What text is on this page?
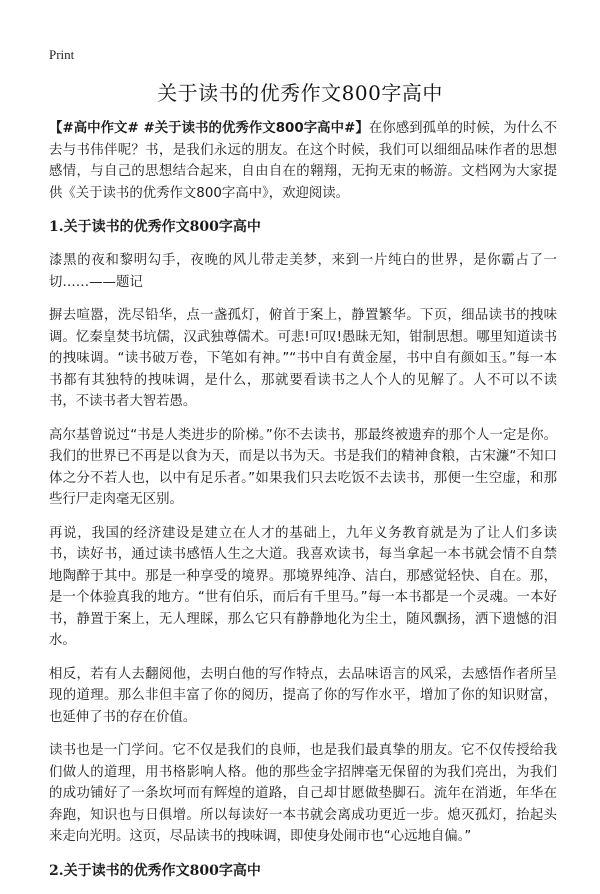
Print
关于读书的优秀作文800字高中

【#高中作文# #关于读书的优秀作文800字高中#】在你感到孤单的时候，为什么不去与书伟伴呢？书，是我们永远的朋友。在这个时候，我们可以细细品味作者的思想感情，与自己的思想结合起来，自由自在的翱翔，无拘无束的畅游。文档网为大家提供《关于读书的优秀作文800字高中》，欢迎阅读。

1.关于读书的优秀作文800字高中

漆黑的夜和黎明勾手，夜晚的风儿带走美梦，来到一片纯白的世界，是你霸占了一切……——题记

摒去喧嚣，洗尽铅华，点一盏孤灯，俯首于案上，静置繁华。下页，细品读书的拽味调。忆秦皇焚书坑儒，汉武独尊儒术。可悲!可叹!愚昧无知，钳制思想。哪里知道读书的拽味调。“读书破万卷，下笔如有神。”“书中自有黄金屋，书中自有颜如玉。”每一本书都有其独特的拽味调，是什么，那就要看读书之人个人的见解了。人不可以不读书，不读书者大智若愚。

高尔基曾说过“书是人类进步的阶梯。”你不去读书，那最终被遗弃的那个人一定是你。我们的世界已不再是以食为天，而是以书为天。书是我们的精神食粮，古宋濂“不知口体之分不若人也，以中有足乐者。”如果我们只去吃饭不去读书，那便一生空虚，和那些行尸走肉毫无区别。

再说，我国的经济建设是建立在人才的基础上，九年义务教育就是为了让人们多读书，读好书，通过读书感悟人生之大道。我喜欢读书，每当拿起一本书就会情不自禁地陶醉于其中。那是一种享受的境界。那境界纯净、洁白，那感觉轻快、自在。那，是一个体验真我的地方。“世有伯乐，而后有千里马。”每一本书都是一个灵魂。一本好书，静置于案上，无人理睬，那么它只有静静地化为尘土，随风飘扬，洒下遗憾的泪水。

相反，若有人去翻阅他，去明白他的写作特点，去品味语言的风采，去感悟作者所呈现的道理。那么非但丰富了你的阅历，提高了你的写作水平，增加了你的知识财富，也延伸了书的存在价值。

读书也是一门学问。它不仅是我们的良师，也是我们最真挚的朋友。它不仅传授给我们做人的道理，用书格影响人格。他的那些金字招牌毫无保留的为我们亮出，为我们的成功铺好了一条坎坷而有辉煌的道路，自己却甘愿做垫脚石。流年在消逝，年华在奔跑，知识也与日俱增。所以每读好一本书就会离成功更近一步。熄灭孤灯，抬起头来走向光明。这页，尽品读书的拽味调，即使身处闹市也“心远地自偏。”

2.关于读书的优秀作文800字高中
